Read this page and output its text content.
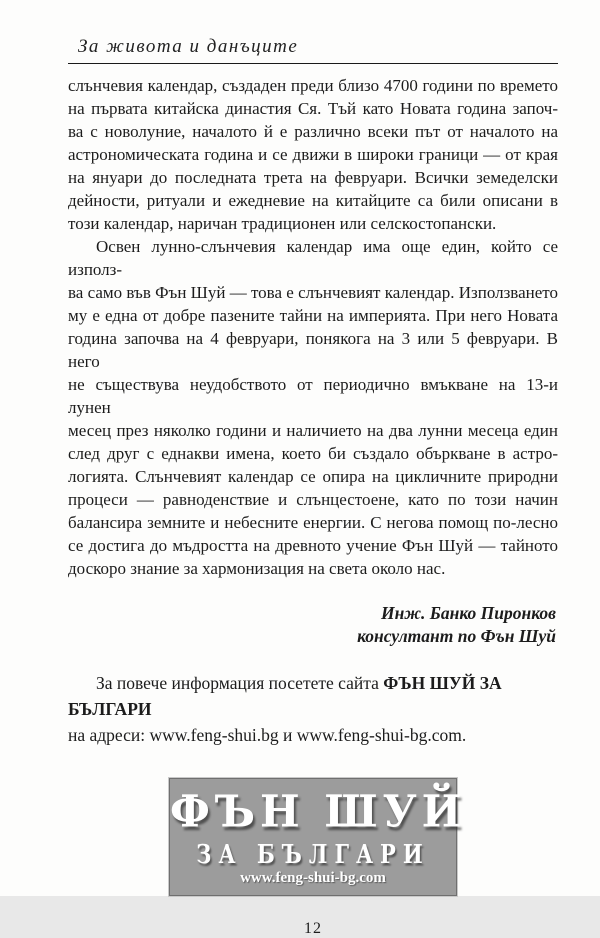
За живота и данъците
слънчевия календар, създаден преди близо 4700 години по времето
на първата китайска династия Ся. Тъй като Новата година започ-
ва с новолуние, началото й е различно всеки път от началото на
астрономическата година и се движи в широки граници — от края
на януари до последната трета на февруари. Всички земеделски
дейности, ритуали и ежедневие на китайците са били описани в
този календар, наричан традиционен или селскостопански.
Освен лунно-слънчевия календар има още един, който се използ-
ва само във Фън Шуй — това е слънчевият календар. Използването
му е една от добре пазените тайни на империята. При него Новата
година започва на 4 февруари, понякога на 3 или 5 февруари. В него
не съществува неудобството от периодично вмъкване на 13-и лунен
месец през няколко години и наличието на два лунни месеца един
след друг с еднакви имена, което би създало объркване в астро-
логията. Слънчевият календар се опира на цикличните природни
процеси — равноденствие и слънцестоене, като по този начин
балансира земните и небесните енергии. С негова помощ по-лесно
се достига до мъдростта на древното учение Фън Шуй — тайното
доскоро знание за хармонизация на света около нас.
Инж. Банко Пиронков
консултант по Фън Шуй
За повече информация посетете сайта ФЪН ШУЙ ЗА БЪЛГАРИ
на адреси: www.feng-shui.bg и www.feng-shui-bg.com.
ФЪН ШУЙ
ЗА БЪЛГАРИ
www.feng-shui-bg.com
12
